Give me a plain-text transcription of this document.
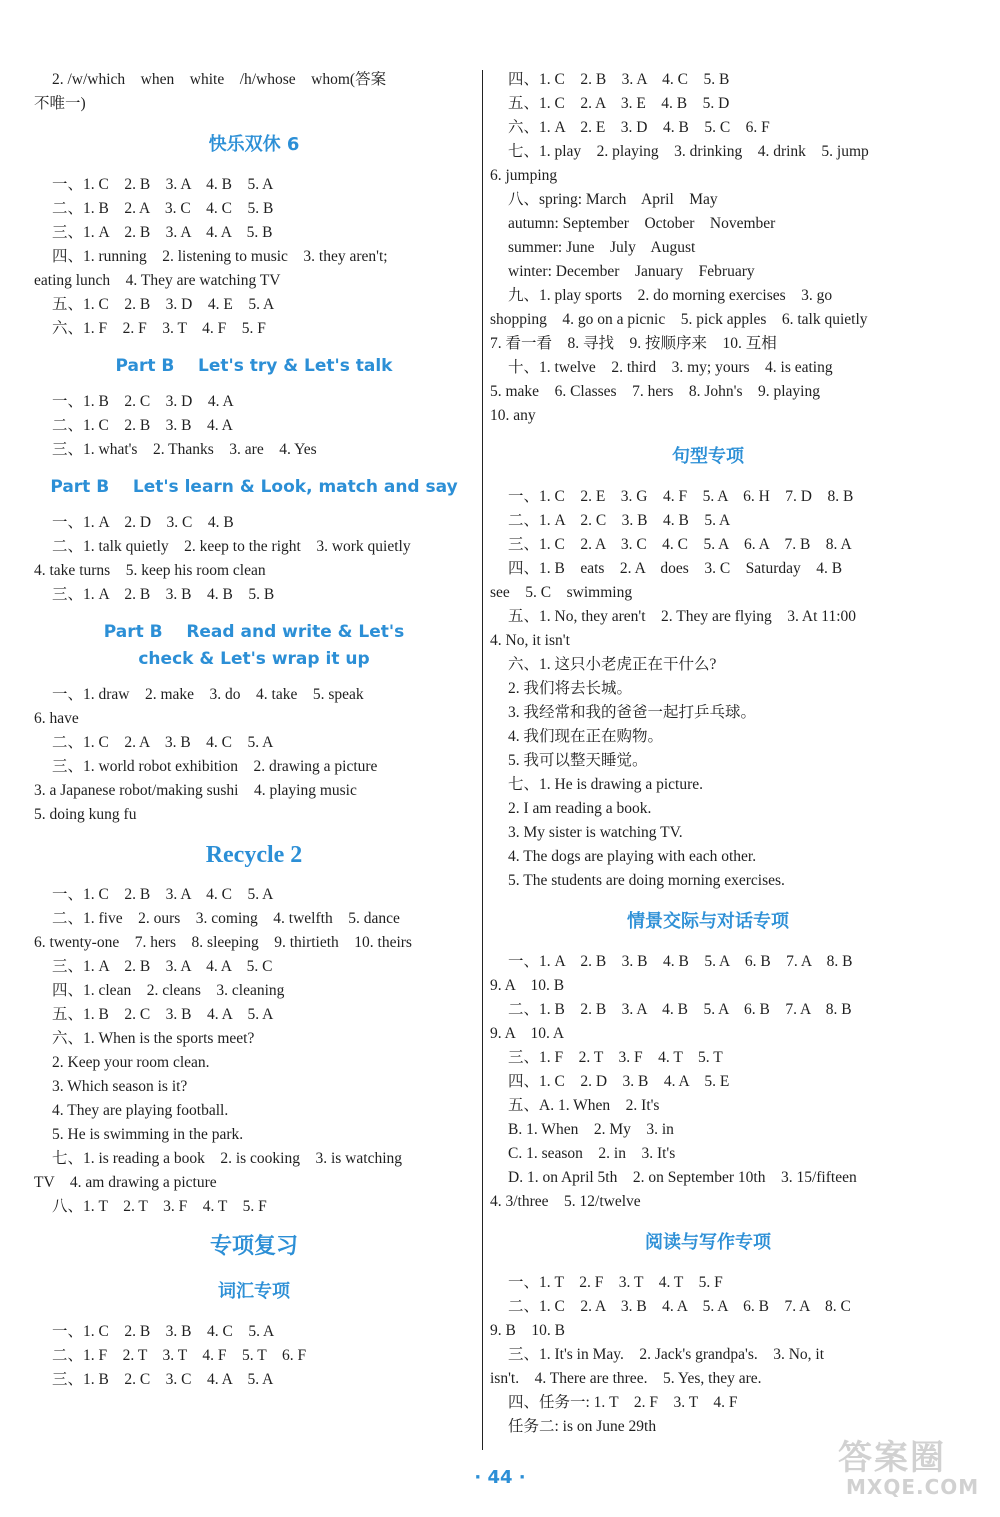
2. /w/which    when    white    /h/whose    whom(答案
不唯一)
快乐双休 6
一、1. C    2. B    3. A    4. B    5. A
二、1. B    2. A    3. C    4. C    5. B
三、1. A    2. B    3. A    4. A    5. B
四、1. running    2. listening to music    3. they aren't;
eating lunch    4. They are watching TV
五、1. C    2. B    3. D    4. E    5. A
六、1. F    2. F    3. T    4. F    5. F
Part B    Let's try & Let's talk
一、1. B    2. C    3. D    4. A
二、1. C    2. B    3. B    4. A
三、1. what's    2. Thanks    3. are    4. Yes
Part B    Let's learn & Look, match and say
一、1. A    2. D    3. C    4. B
二、1. talk quietly    2. keep to the right    3. work quietly
4. take turns    5. keep his room clean
三、1. A    2. B    3. B    4. B    5. B
Part B    Read and write & Let's
check & Let's wrap it up
一、1. draw    2. make    3. do    4. take    5. speak
6. have
二、1. C    2. A    3. B    4. C    5. A
三、1. world robot exhibition    2. drawing a picture
3. a Japanese robot/making sushi    4. playing music
5. doing kung fu
Recycle 2
一、1. C    2. B    3. A    4. C    5. A
二、1. five    2. ours    3. coming    4. twelfth    5. dance
6. twenty-one    7. hers    8. sleeping    9. thirtieth    10. theirs
三、1. A    2. B    3. A    4. A    5. C
四、1. clean    2. cleans    3. cleaning
五、1. B    2. C    3. B    4. A    5. A
六、1. When is the sports meet?
2. Keep your room clean.
3. Which season is it?
4. They are playing football.
5. He is swimming in the park.
七、1. is reading a book    2. is cooking    3. is watching
TV    4. am drawing a picture
八、1. T    2. T    3. F    4. T    5. F
专项复习
词汇专项
一、1. C    2. B    3. B    4. C    5. A
二、1. F    2. T    3. T    4. F    5. T    6. F
三、1. B    2. C    3. C    4. A    5. A
四、1. C    2. B    3. A    4. C    5. B
五、1. C    2. A    3. E    4. B    5. D
六、1. A    2. E    3. D    4. B    5. C    6. F
七、1. play    2. playing    3. drinking    4. drink    5. jump
6. jumping
八、spring: March    April    May
autumn: September    October    November
summer: June    July    August
winter: December    January    February
九、1. play sports    2. do morning exercises    3. go
shopping    4. go on a picnic    5. pick apples    6. talk quietly
7. 看一看    8. 寻找    9. 按顺序来    10. 互相
十、1. twelve    2. third    3. my; yours    4. is eating
5. make    6. Classes    7. hers    8. John's    9. playing
10. any
句型专项
一、1. C    2. E    3. G    4. F    5. A    6. H    7. D    8. B
二、1. A    2. C    3. B    4. B    5. A
三、1. C    2. A    3. C    4. C    5. A    6. A    7. B    8. A
四、1. B    eats    2. A    does    3. C    Saturday    4. B
see    5. C    swimming
五、1. No, they aren't    2. They are flying    3. At 11:00
4. No, it isn't
六、1. 这只小老虎正在干什么?
2. 我们将去长城。
3. 我经常和我的爸爸一起打乒乓球。
4. 我们现在正在购物。
5. 我可以整天睡觉。
七、1. He is drawing a picture.
2. I am reading a book.
3. My sister is watching TV.
4. The dogs are playing with each other.
5. The students are doing morning exercises.
情景交际与对话专项
一、1. A    2. B    3. B    4. B    5. A    6. B    7. A    8. B
9. A    10. B
二、1. B    2. B    3. A    4. B    5. A    6. B    7. A    8. B
9. A    10. A
三、1. F    2. T    3. F    4. T    5. T
四、1. C    2. D    3. B    4. A    5. E
五、A. 1. When    2. It's
B. 1. When    2. My    3. in
C. 1. season    2. in    3. It's
D. 1. on April 5th    2. on September 10th    3. 15/fifteen
4. 3/three    5. 12/twelve
阅读与写作专项
一、1. T    2. F    3. T    4. T    5. F
二、1. C    2. A    3. B    4. A    5. A    6. B    7. A    8. C
9. B    10. B
三、1. It's in May.    2. Jack's grandpa's.    3. No, it
isn't.    4. There are three.    5. Yes, they are.
四、任务一: 1. T    2. F    3. T    4. F
任务二: is on June 29th
· 44 ·	答案圈
MXQE.COM
